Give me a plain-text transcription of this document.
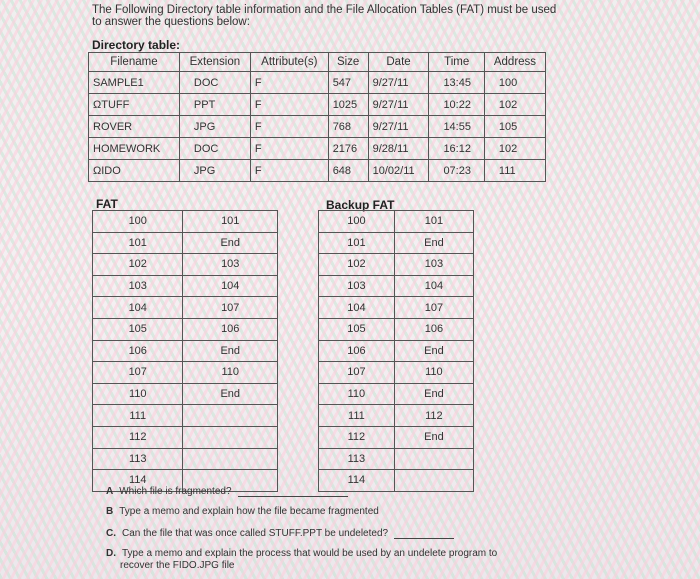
The Following Directory table information and the File Allocation Tables (FAT) must be used to answer the questions below:
Directory table:
Filename	Extension	Attribute(s)	Size	Date	Time	Address
SAMPLE1	DOC	F	547	9/27/11	13:45	100
ΩTUFF	PPT	F	1025	9/27/11	10:22	102
ROVER	JPG	F	768	9/27/11	14:55	105
HOMEWORK	DOC	F	2176	9/28/11	16:12	102
ΩIDO	JPG	F	648	10/02/11	07:23	111
FAT
100	101
101	End
102	103
103	104
104	107
105	106
106	End
107	110
110	End
111	
112	
113	
114	
Backup FAT
100	101
101	End
102	103
103	104
104	107
105	106
106	End
107	110
110	End
111	112
112	End
113	
114	
A Which file is fragmented?
B Type a memo and explain how the file became fragmented
C. Can the file that was once called STUFF.PPT be undeleted?
D. Type a memo and explain the process that would be used by an undelete program to
recover the FIDO.JPG file
